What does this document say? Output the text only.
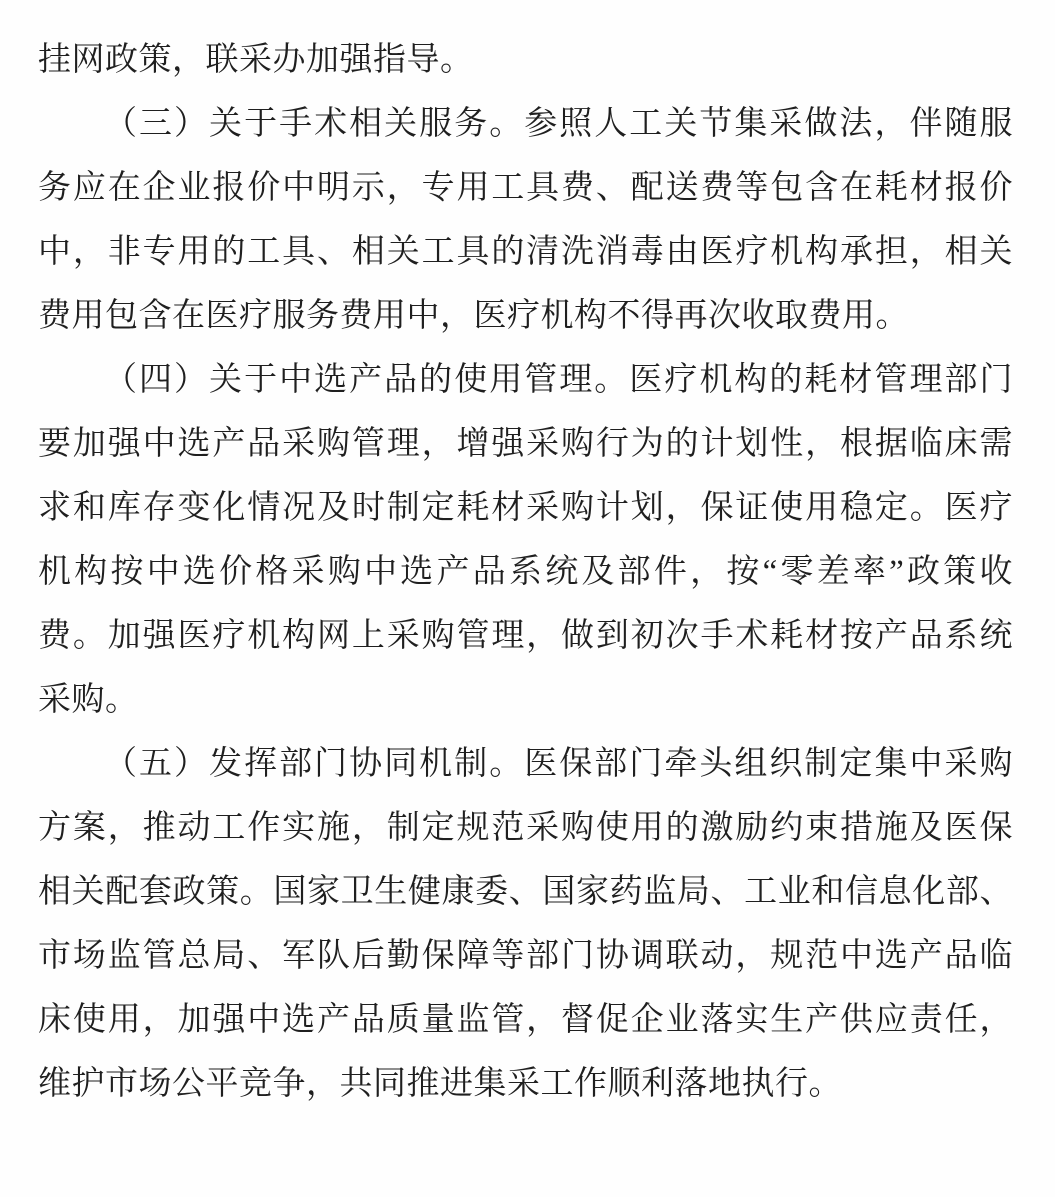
挂网政策，联采办加强指导。
（三）关于手术相关服务。参照人工关节集采做法，伴随服
务应在企业报价中明示，专用工具费、配送费等包含在耗材报价
中，非专用的工具、相关工具的清洗消毒由医疗机构承担，相关
费用包含在医疗服务费用中，医疗机构不得再次收取费用。
（四）关于中选产品的使用管理。医疗机构的耗材管理部门
要加强中选产品采购管理，增强采购行为的计划性，根据临床需
求和库存变化情况及时制定耗材采购计划，保证使用稳定。医疗
机构按中选价格采购中选产品系统及部件，按“零差率”政策收
费。加强医疗机构网上采购管理，做到初次手术耗材按产品系统
采购。
（五）发挥部门协同机制。医保部门牵头组织制定集中采购
方案，推动工作实施，制定规范采购使用的激励约束措施及医保
相关配套政策。国家卫生健康委、国家药监局、工业和信息化部、
市场监管总局、军队后勤保障等部门协调联动，规范中选产品临
床使用，加强中选产品质量监管，督促企业落实生产供应责任，
维护市场公平竞争，共同推进集采工作顺利落地执行。
